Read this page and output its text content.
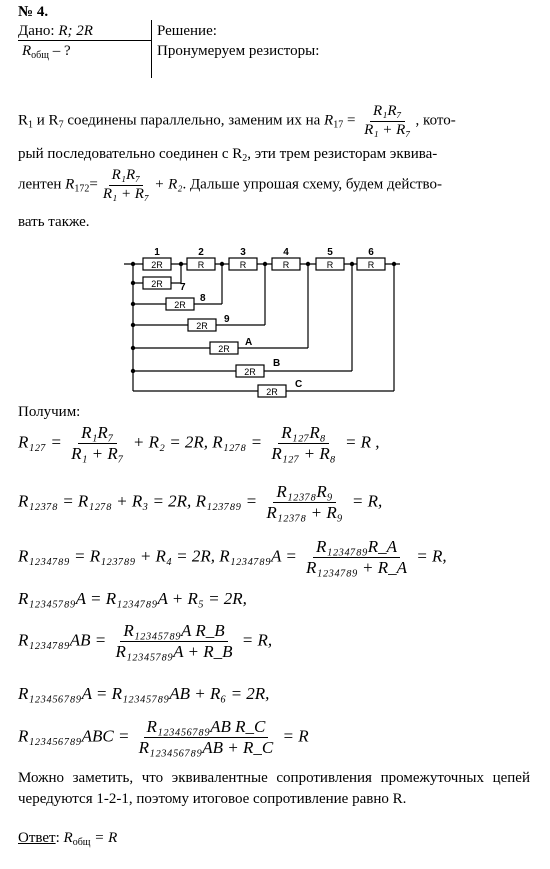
№ 4.
Дано: R; 2R
$R_{общ}$ – ?
Решение:
Пронумеруем резисторы:
$R_1$ и $R_7$ соединены параллельно, заменим их на $R_{17} = \frac{\text{R₁R₇}}{\text{R₁ + R₇}}$ , кото-
рый последовательно соединен с $R_2$, эти трем резисторам эквива-
лентен $R_{172}= \frac{\text{R₁R₇}}{\text{R₁ + R₇}} + R_2$. Дальше упрошая схему, будем действо-
вать также.
2R
1
R
2
R
3
R
4
R
5
R
6
2R 7
2R
8
2R
9
2R
A
2R
B
2R
C
Получим:
$R_{127} = \frac{\text{R₁R₇}}{\text{R₁ + R₇}} + R_2 = 2R$, $R_{1278} = \frac{\text{R₁₂₇R₈}}{\text{R₁₂₇ + R₈}} = R$ ,
R₁₂₃₇₈ = R₁₂₇₈ + R₃ = 2R, $R_{123789} = \frac{\text{R₁₂₃₇₈R₉}}{\text{R₁₂₃₇₈ + R₉}} = R$,
R₁₂₃₄₇₈₉ = R₁₂₃₇₈₉ + R₄ = 2R, $R_{1234789}A = \frac{\text{R₁₂₃₄₇₈₉R\_A}}{\text{R₁₂₃₄₇₈₉ + R\_A}} = R$,
R₁₂₃₄₅₇₈₉A = R₁₂₃₄₇₈₉A + R₅ = 2R,
$R_{1234789}AB = \frac{\text{R₁₂₃₄₅₇₈₉A R\_B}}{\text{R₁₂₃₄₅₇₈₉A + R\_B}} = R$,
R₁₂₃₄₅₆₇₈₉A = R₁₂₃₄₅₇₈₉AB + R₆ = 2R,
$R_{123456789}ABC = \frac{\text{R₁₂₃₄₅₆₇₈₉AB R\_C}}{\text{R₁₂₃₄₅₆₇₈₉AB + R\_C}} = R$
Можно заметить, что эквивалентные сопротивления промежуточных цепей чередуются 1-2-1, поэтому итоговое сопротивление равно R.
Ответ: $R_{общ} = R$
